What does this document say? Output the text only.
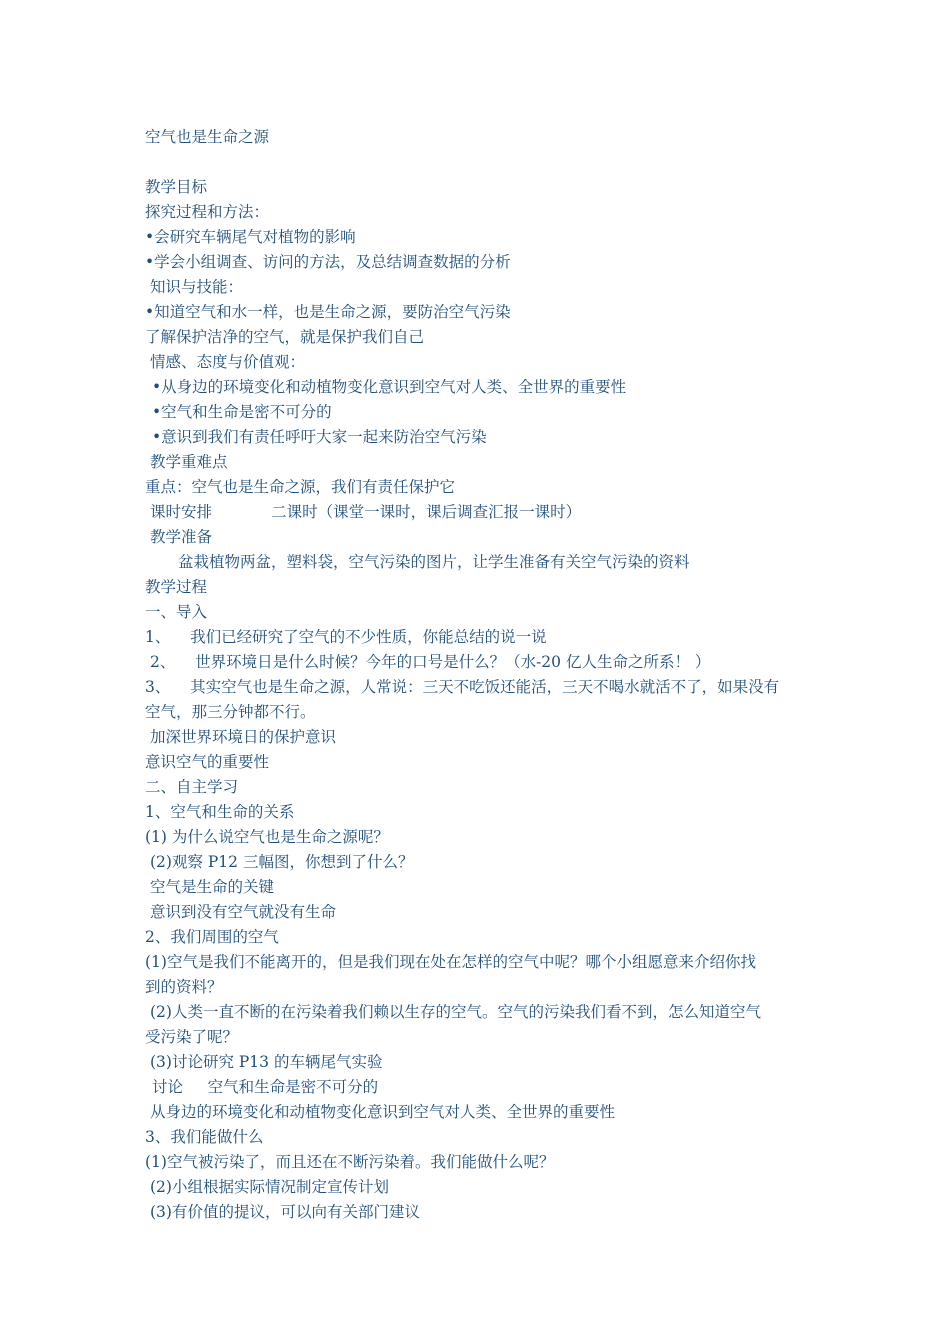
空气也是生命之源
教学目标
探究过程和方法：
•会研究车辆尾气对植物的影响
•学会小组调查、访问的方法，及总结调查数据的分析
知识与技能：
•知道空气和水一样，也是生命之源，要防治空气污染
了解保护洁净的空气，就是保护我们自己
情感、态度与价值观：
•从身边的环境变化和动植物变化意识到空气对人类、全世界的重要性
•空气和生命是密不可分的
•意识到我们有责任呼吁大家一起来防治空气污染
教学重难点
重点：空气也是生命之源，我们有责任保护它
课时安排            二课时（课堂一课时，课后调查汇报一课时）
教学准备
盆栽植物两盆，塑料袋，空气污染的图片，让学生准备有关空气污染的资料
教学过程
一、导入
1、    我们已经研究了空气的不少性质，你能总结的说一说
2、    世界环境日是什么时候？今年的口号是什么？（水-20 亿人生命之所系！ ）
3、    其实空气也是生命之源，人常说：三天不吃饭还能活，三天不喝水就活不了，如果没有
空气，那三分钟都不行。
加深世界环境日的保护意识
意识空气的重要性
二、自主学习
1、空气和生命的关系
(1) 为什么说空气也是生命之源呢？
(2)观察 P12 三幅图，你想到了什么？
空气是生命的关键
意识到没有空气就没有生命
2、我们周围的空气
(1)空气是我们不能离开的，但是我们现在处在怎样的空气中呢？哪个小组愿意来介绍你找
到的资料？
(2)人类一直不断的在污染着我们赖以生存的空气。空气的污染我们看不到，怎么知道空气
受污染了呢？
(3)讨论研究 P13 的车辆尾气实验
讨论     空气和生命是密不可分的
从身边的环境变化和动植物变化意识到空气对人类、全世界的重要性
3、我们能做什么
(1)空气被污染了，而且还在不断污染着。我们能做什么呢？
(2)小组根据实际情况制定宣传计划
(3)有价值的提议，可以向有关部门建议
